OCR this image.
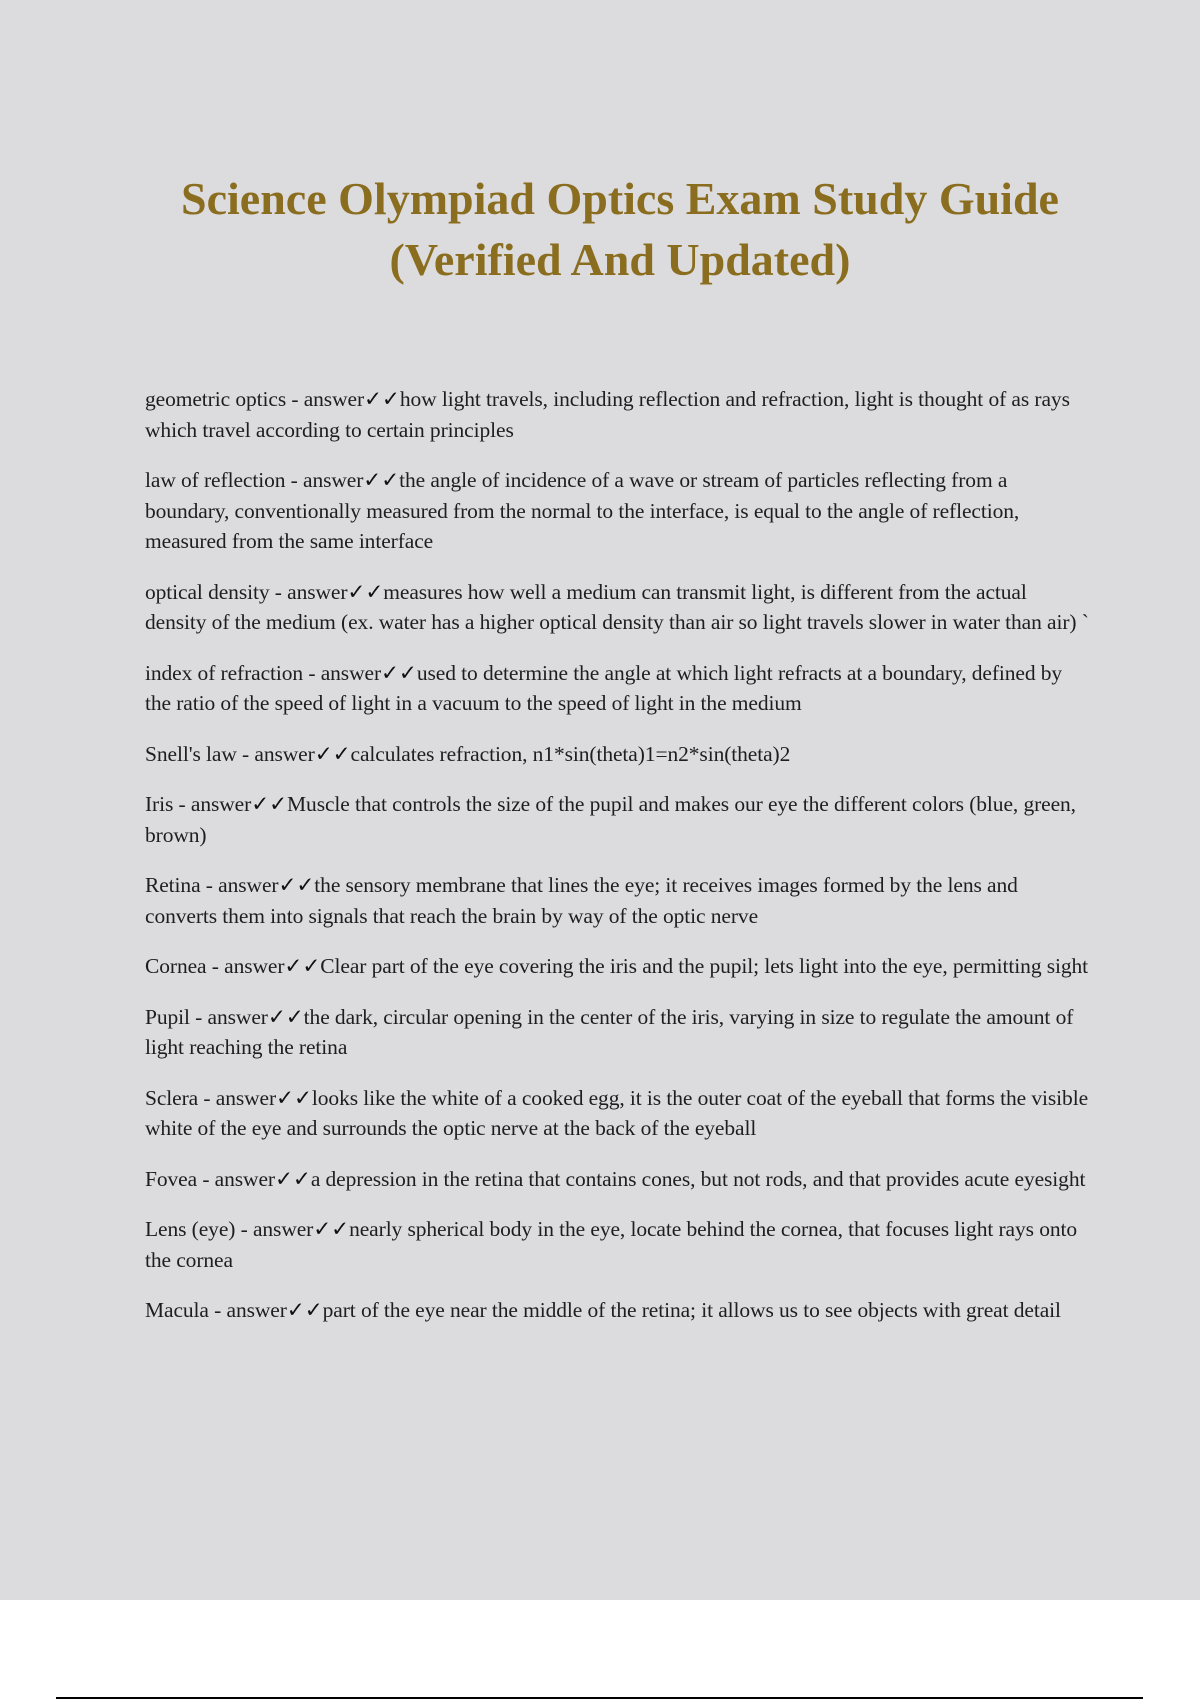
Science Olympiad Optics Exam Study Guide
(Verified And Updated)

geometric optics - answer✓✓how light travels, including reflection and refraction, light is thought of as rays which travel according to certain principles

law of reflection - answer✓✓the angle of incidence of a wave or stream of particles reflecting from a boundary, conventionally measured from the normal to the interface, is equal to the angle of reflection, measured from the same interface

optical density - answer✓✓measures how well a medium can transmit light, is different from the actual density of the medium (ex. water has a higher optical density than air so light travels slower in water than air) `

index of refraction - answer✓✓used to determine the angle at which light refracts at a boundary, defined by the ratio of the speed of light in a vacuum to the speed of light in the medium

Snell's law - answer✓✓calculates refraction, n1*sin(theta)1=n2*sin(theta)2

Iris - answer✓✓Muscle that controls the size of the pupil and makes our eye the different colors (blue, green, brown)

Retina - answer✓✓the sensory membrane that lines the eye; it receives images formed by the lens and converts them into signals that reach the brain by way of the optic nerve

Cornea - answer✓✓Clear part of the eye covering the iris and the pupil; lets light into the eye, permitting sight

Pupil - answer✓✓the dark, circular opening in the center of the iris, varying in size to regulate the amount of light reaching the retina

Sclera - answer✓✓looks like the white of a cooked egg, it is the outer coat of the eyeball that forms the visible white of the eye and surrounds the optic nerve at the back of the eyeball

Fovea - answer✓✓a depression in the retina that contains cones, but not rods, and that provides acute eyesight

Lens (eye) - answer✓✓nearly spherical body in the eye, locate behind the cornea, that focuses light rays onto the cornea

Macula - answer✓✓part of the eye near the middle of the retina; it allows us to see objects with great detail
